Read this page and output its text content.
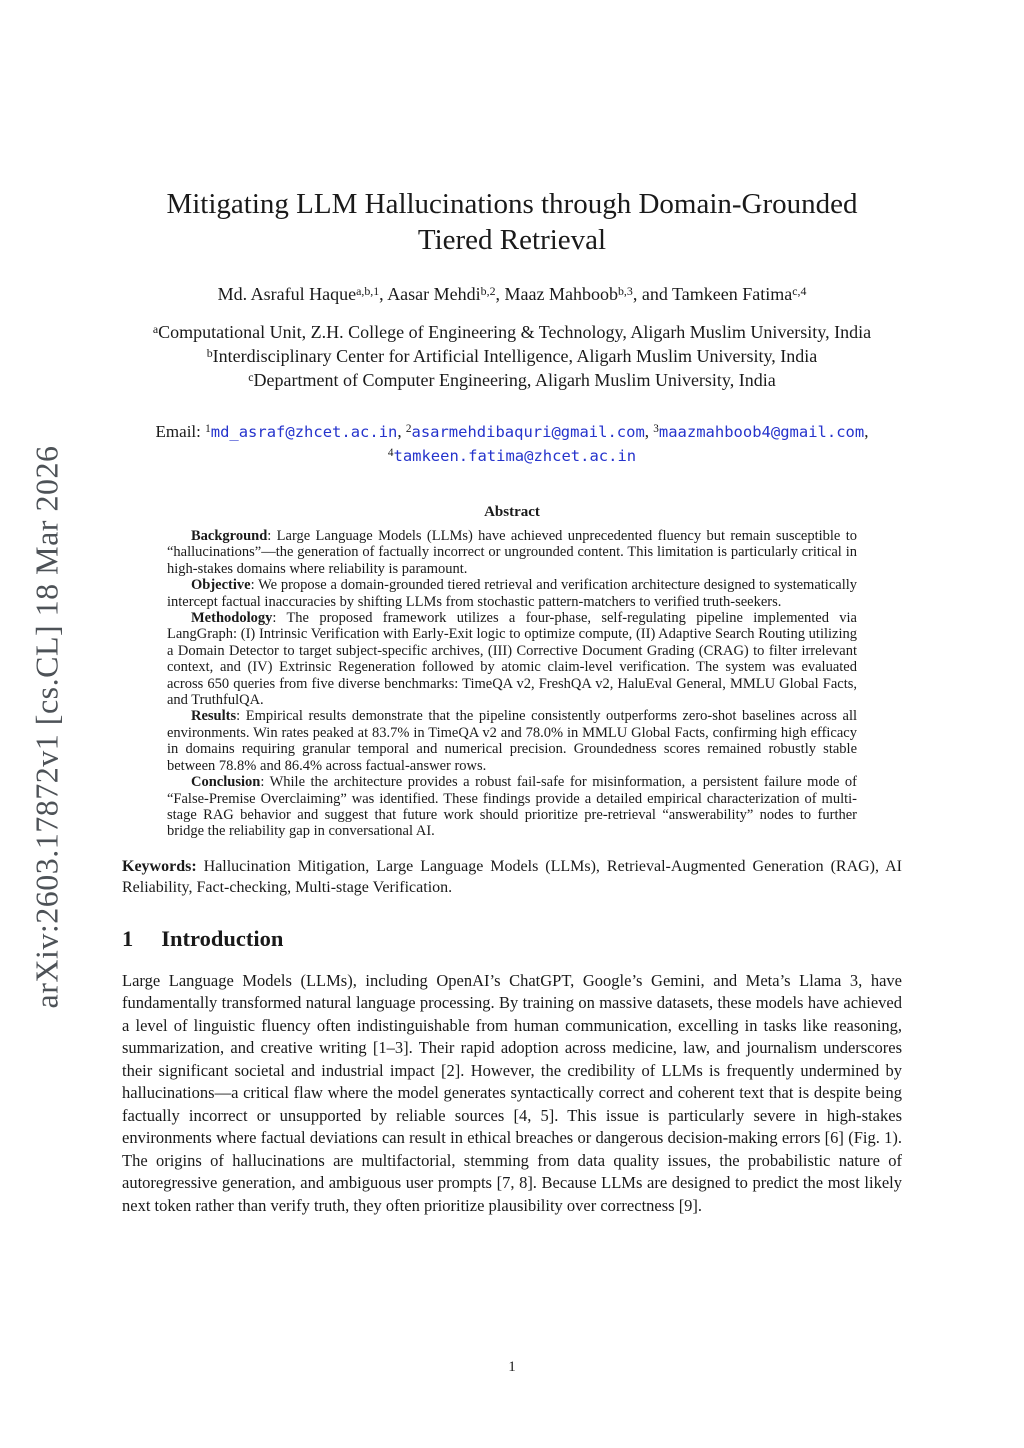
arXiv:2603.17872v1 [cs.CL] 18 Mar 2026
Mitigating LLM Hallucinations through Domain-Grounded Tiered Retrieval

Md. Asraful Haque$^{a,b,1}$, Aasar Mehdi$^{b,2}$, Maaz Mahboob$^{b,3}$, and Tamkeen Fatima$^{c,4}$

$^a$Computational Unit, Z.H. College of Engineering & Technology, Aligarh Muslim University, India

$^b$Interdisciplinary Center for Artificial Intelligence, Aligarh Muslim University, India

$^c$Department of Computer Engineering, Aligarh Muslim University, India

Email: $^1$md_asraf@zhcet.ac.in, $^2$asarmehdibaquri@gmail.com, $^3$maazmahboob4@gmail.com, $^4$tamkeen.fatima@zhcet.ac.in

Abstract

Background: Large Language Models (LLMs) have achieved unprecedented fluency but remain susceptible to “hallucinations”—the generation of factually incorrect or ungrounded content. This limitation is particularly critical in high-stakes domains where reliability is paramount.

Objective: We propose a domain-grounded tiered retrieval and verification architecture designed to systematically intercept factual inaccuracies by shifting LLMs from stochastic pattern-matchers to verified truth-seekers.

Methodology: The proposed framework utilizes a four-phase, self-regulating pipeline implemented via LangGraph: (I) Intrinsic Verification with Early-Exit logic to optimize compute, (II) Adaptive Search Routing utilizing a Domain Detector to target subject-specific archives, (III) Corrective Document Grading (CRAG) to filter irrelevant context, and (IV) Extrinsic Regeneration followed by atomic claim-level verification. The system was evaluated across 650 queries from five diverse benchmarks: TimeQA v2, FreshQA v2, HaluEval General, MMLU Global Facts, and TruthfulQA.

Results: Empirical results demonstrate that the pipeline consistently outperforms zero-shot baselines across all environments. Win rates peaked at 83.7% in TimeQA v2 and 78.0% in MMLU Global Facts, confirming high efficacy in domains requiring granular temporal and numerical precision. Groundedness scores remained robustly stable between 78.8% and 86.4% across factual-answer rows.

Conclusion: While the architecture provides a robust fail-safe for misinformation, a persistent failure mode of “False-Premise Overclaiming” was identified. These findings provide a detailed empirical characterization of multi-stage RAG behavior and suggest that future work should prioritize pre-retrieval “answerability” nodes to further bridge the reliability gap in conversational AI.

Keywords: Hallucination Mitigation, Large Language Models (LLMs), Retrieval-Augmented Generation (RAG), AI Reliability, Fact-checking, Multi-stage Verification.

1 Introduction

Large Language Models (LLMs), including OpenAI’s ChatGPT, Google’s Gemini, and Meta’s Llama 3, have fundamentally transformed natural language processing. By training on massive datasets, these models have achieved a level of linguistic fluency often indistinguishable from human communication, excelling in tasks like reasoning, summarization, and creative writing [1–3]. Their rapid adoption across medicine, law, and journalism underscores their significant societal and industrial impact [2]. However, the credibility of LLMs is frequently undermined by hallucinations—a critical flaw where the model generates syntactically correct and coherent text that is despite being factually incorrect or unsupported by reliable sources [4, 5]. This issue is particularly severe in high-stakes environments where factual deviations can result in ethical breaches or dangerous decision-making errors [6] (Fig. 1). The origins of hallucinations are multifactorial, stemming from data quality issues, the probabilistic nature of autoregressive generation, and ambiguous user prompts [7, 8]. Because LLMs are designed to predict the most likely next token rather than verify truth, they often prioritize plausibility over correctness [9].

1
